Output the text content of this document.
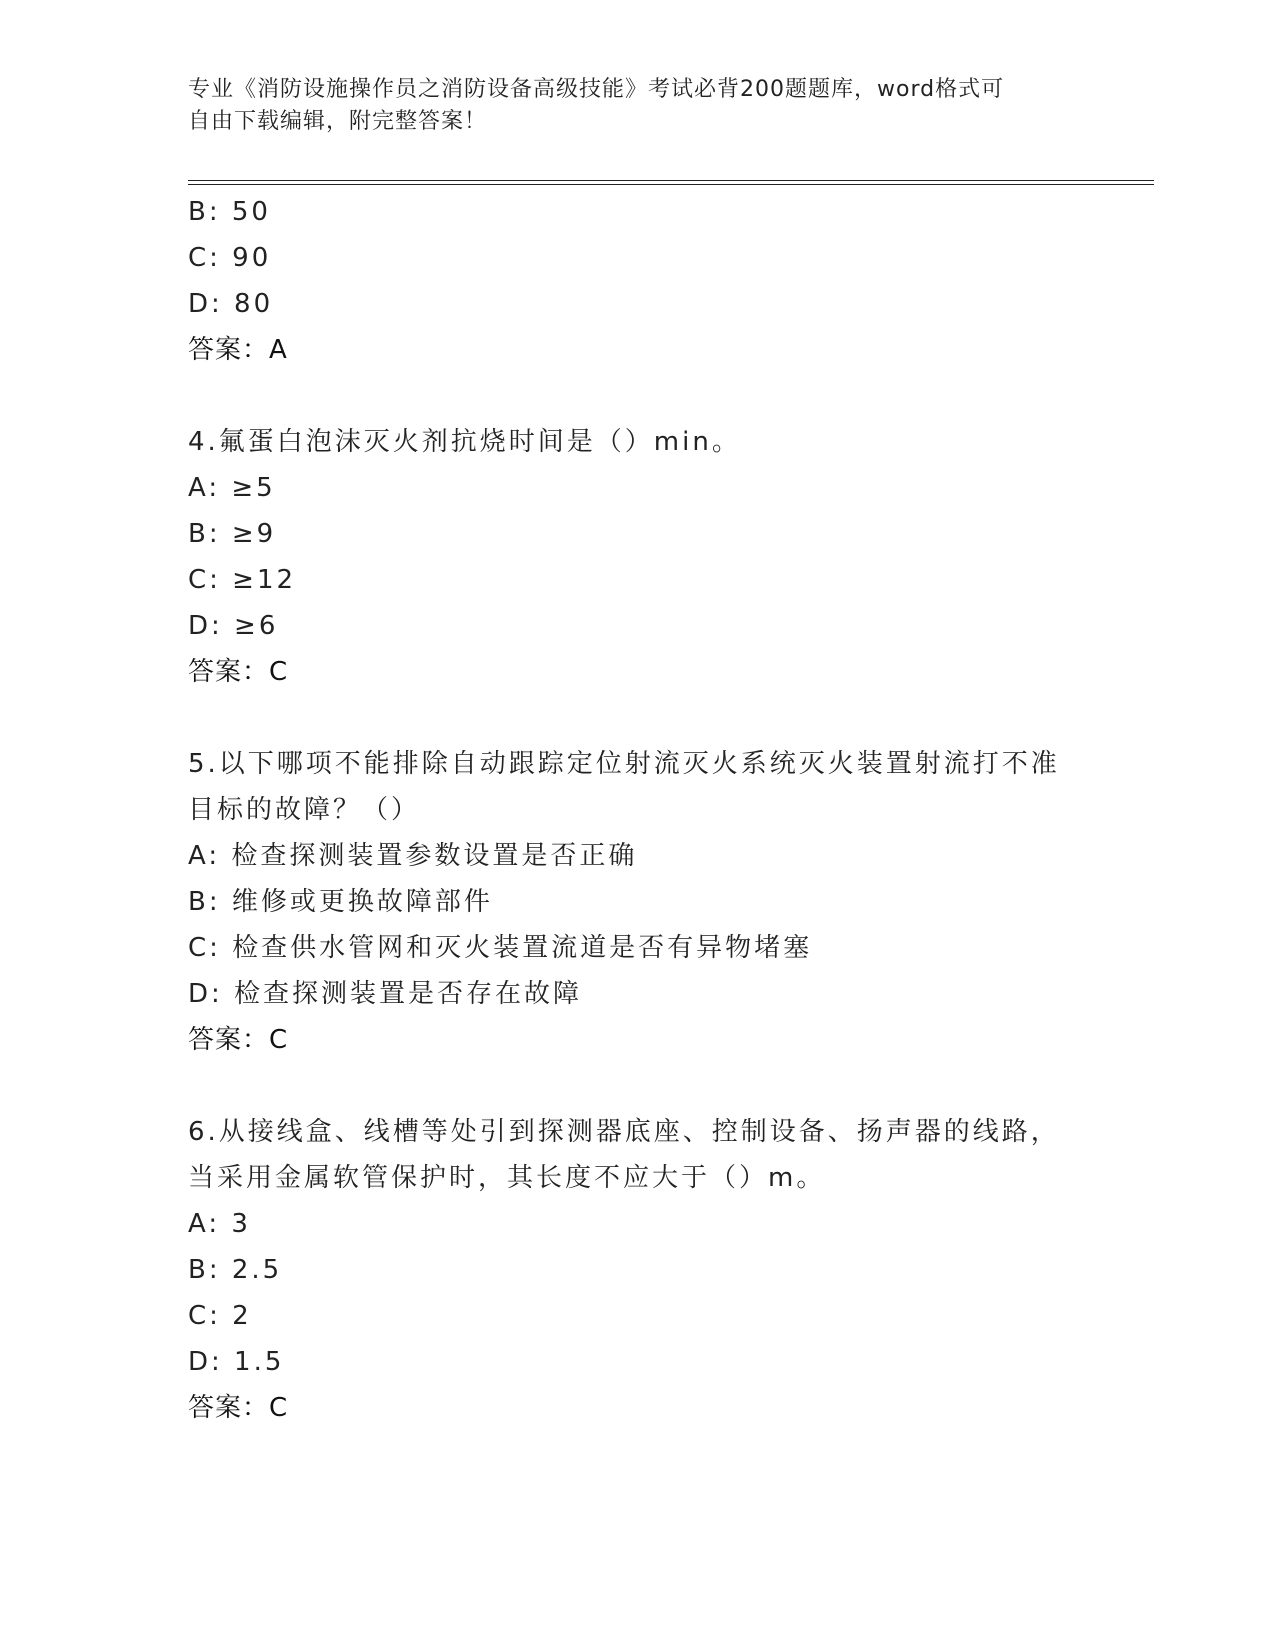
专业《消防设施操作员之消防设备高级技能》考试必背200题题库，word格式可
自由下载编辑，附完整答案！
B: 50
C: 90
D: 80
答案：A
4.氟蛋白泡沫灭火剂抗烧时间是（）min。
A: ≥5
B: ≥9
C: ≥12
D: ≥6
答案：C
5.以下哪项不能排除自动跟踪定位射流灭火系统灭火装置射流打不准
目标的故障？（）
A: 检查探测装置参数设置是否正确
B: 维修或更换故障部件
C: 检查供水管网和灭火装置流道是否有异物堵塞
D: 检查探测装置是否存在故障
答案：C
6.从接线盒、线槽等处引到探测器底座、控制设备、扬声器的线路，
当采用金属软管保护时，其长度不应大于（）m。
A: 3
B: 2.5
C: 2
D: 1.5
答案：C
